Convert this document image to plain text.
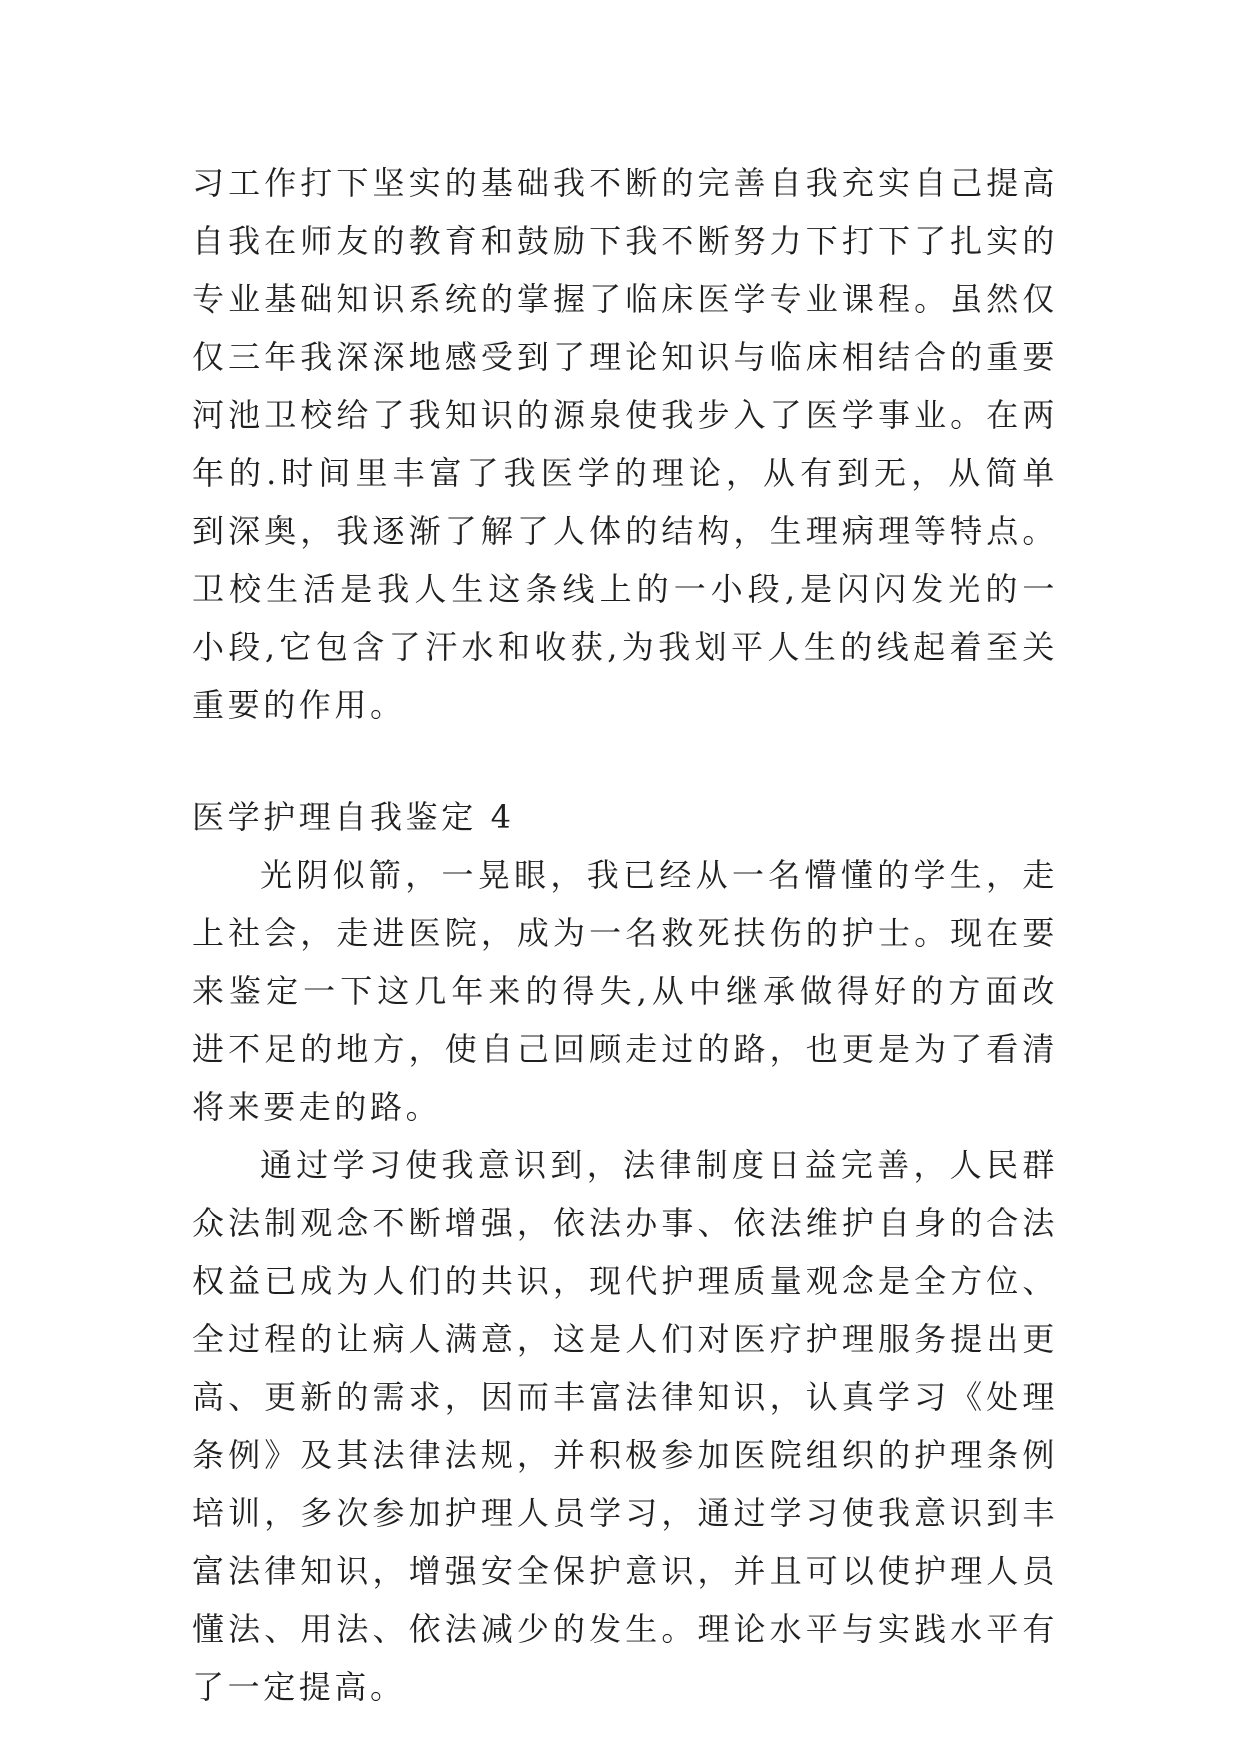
习工作打下坚实的基础我不断的完善自我充实自己提高自我在师友的教育和鼓励下我不断努力下打下了扎实的专业基础知识系统的掌握了临床医学专业课程。虽然仅仅三年我深深地感受到了理论知识与临床相结合的重要河池卫校给了我知识的源泉使我步入了医学事业。在两年的.时间里丰富了我医学的理论，从有到无，从简单到深奥，我逐渐了解了人体的结构，生理病理等特点。卫校生活是我人生这条线上的一小段,是闪闪发光的一小段,它包含了汗水和收获,为我划平人生的线起着至关重要的作用。

医学护理自我鉴定 4

光阴似箭，一晃眼，我已经从一名懵懂的学生，走上社会，走进医院，成为一名救死扶伤的护士。现在要来鉴定一下这几年来的得失,从中继承做得好的方面改进不足的地方，使自己回顾走过的路，也更是为了看清将来要走的路。

通过学习使我意识到，法律制度日益完善，人民群众法制观念不断增强，依法办事、依法维护自身的合法权益已成为人们的共识，现代护理质量观念是全方位、全过程的让病人满意，这是人们对医疗护理服务提出更高、更新的需求，因而丰富法律知识，认真学习《处理条例》及其法律法规，并积极参加医院组织的护理条例培训，多次参加护理人员学习，通过学习使我意识到丰富法律知识，增强安全保护意识，并且可以使护理人员懂法、用法、依法减少的发生。理论水平与实践水平有了一定提高。
